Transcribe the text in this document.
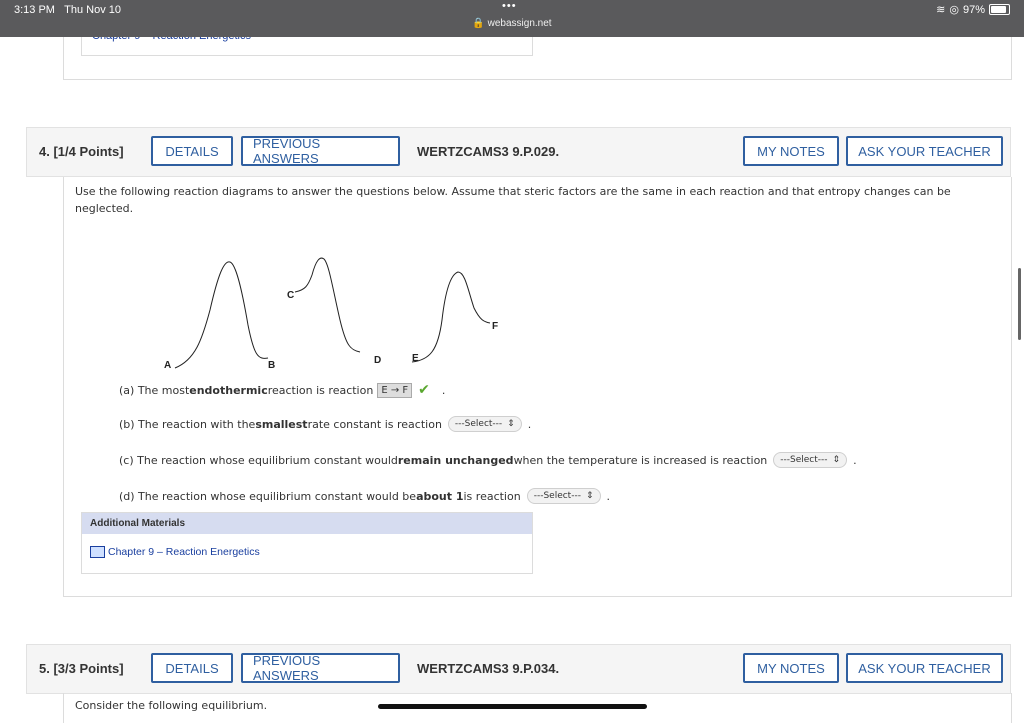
3:13 PM Thu Nov 10	•••
🔒 webassign.net
≋ ◎ 97%
4. [1/4 Points]	DETAILS	PREVIOUS ANSWERS	WERTZCAMS3 9.P.029.	MY NOTES	ASK YOUR TEACHER
Use the following reaction diagrams to answer the questions below. Assume that steric factors are the same in each reaction and that entropy changes can be neglected.
A	B
C
D	E
F
(a) The most endothermic reaction is reaction E → F ✔ .
(b) The reaction with the smallest rate constant is reaction ---Select--- ⇕ .
(c) The reaction whose equilibrium constant would remain unchanged when the temperature is increased is reaction ---Select--- ⇕ .
(d) The reaction whose equilibrium constant would be about 1 is reaction ---Select--- ⇕ .
Additional Materials
Chapter 9 – Reaction Energetics
5. [3/3 Points]	DETAILS	PREVIOUS ANSWERS	WERTZCAMS3 9.P.034.	MY NOTES	ASK YOUR TEACHER
Consider the following equilibrium.
